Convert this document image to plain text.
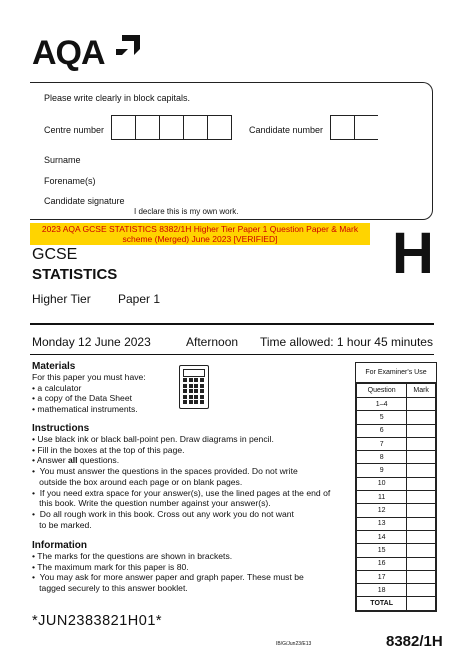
AQA
Please write clearly in block capitals.
Centre number	Candidate number
Surname
Forename(s)
Candidate signature
I declare this is my own work.
2023 AQA GCSE STATISTICS 8382/1H Higher Tier Paper 1 Question Paper & Mark scheme (Merged) June 2023 [VERIFIED]
GCSE
STATISTICS
Higher Tier Paper 1
H
Monday 12 June 2023	Afternoon Time allowed: 1 hour 45 minutes
Materials
For this paper you must have:
• a calculator
• a copy of the Data Sheet
• mathematical instruments.
Instructions
• Use black ink or black ball-point pen. Draw diagrams in pencil.
• Fill in the boxes at the top of this page.
• Answer all questions.
•  You must answer the questions in the spaces provided. Do not write
outside the box around each page or on blank pages.
•  If you need extra space for your answer(s), use the lined pages at the end of
this book. Write the question number against your answer(s).
•  Do all rough work in this book. Cross out any work you do not want
to be marked.
Information
• The marks for the questions are shown in brackets.
• The maximum mark for this paper is 80.
•  You may ask for more answer paper and graph paper. These must be
tagged securely to this answer booklet.
For Examiner's Use
Question	Mark
1–4	
5	
6	
7	
8	
9	
10	
11	
12	
13	
14	
15	
16	
17	
18	
TOTAL	
*JUN2383821H01*
IB/G/Jun23/E13	8382/1H
